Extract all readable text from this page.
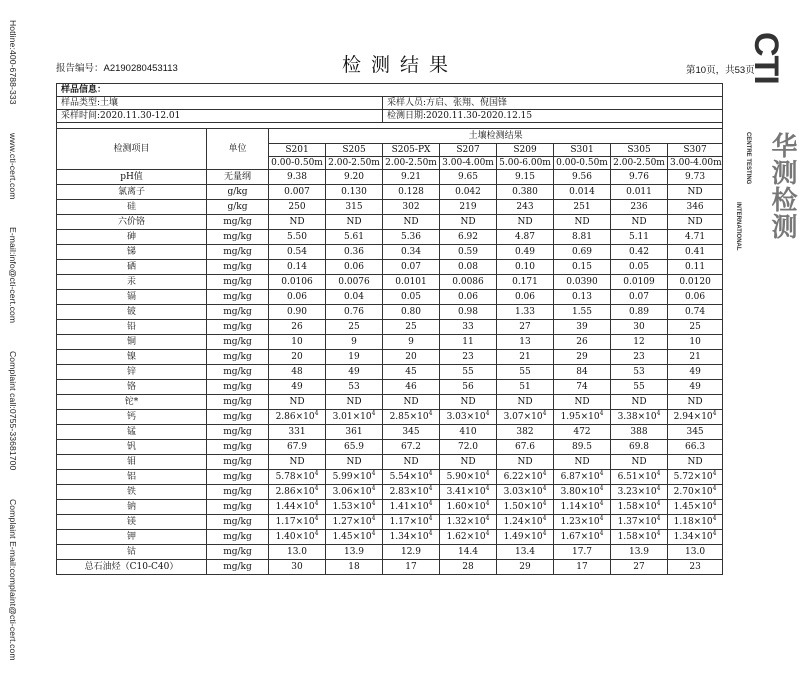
Hotline:400-6788-333www.cti-cert.comE-mail:info@cti-cert.comComplaint call:0755-33681700Complaint E-mail:complaint@cti-cert.com
报告编号：A2190280453113	检测结果	第10页，共53页
CTI
CENTRE TESTING
INTERNATIONAL 华测检测
样品信息：									
样品类型:土壤				采样人员:方启、张翔、倪国锋					
采样时间:2020.11.30-12.01				检测日期:2020.11.30-2020.12.15					

检测项目	单位	土壤检测结果							
		S201	S205	S205-PX	S207	S209	S301	S305	S307
		0.00-0.50m	2.00-2.50m	2.00-2.50m	3.00-4.00m	5.00-6.00m	0.00-0.50m	2.00-2.50m	3.00-4.00m
pH值	无量纲	9.38	9.20	9.21	9.65	9.15	9.56	9.76	9.73
氯离子	g/kg	0.007	0.130	0.128	0.042	0.380	0.014	0.011	ND
硅	g/kg	250	315	302	219	243	251	236	346
六价铬	mg/kg	ND	ND	ND	ND	ND	ND	ND	ND
砷	mg/kg	5.50	5.61	5.36	6.92	4.87	8.81	5.11	4.71
锑	mg/kg	0.54	0.36	0.34	0.59	0.49	0.69	0.42	0.41
硒	mg/kg	0.14	0.06	0.07	0.08	0.10	0.15	0.05	0.11
汞	mg/kg	0.0106	0.0076	0.0101	0.0086	0.171	0.0390	0.0109	0.0120
镉	mg/kg	0.06	0.04	0.05	0.06	0.06	0.13	0.07	0.06
铍	mg/kg	0.90	0.76	0.80	0.98	1.33	1.55	0.89	0.74
铅	mg/kg	26	25	25	33	27	39	30	25
铜	mg/kg	10	9	9	11	13	26	12	10
镍	mg/kg	20	19	20	23	21	29	23	21
锌	mg/kg	48	49	45	55	55	84	53	49
铬	mg/kg	49	53	46	56	51	74	55	49
铊*	mg/kg	ND	ND	ND	ND	ND	ND	ND	ND
钙	mg/kg	$2.86\times 10^4$	$3.01\times 10^4$	$2.85\times 10^4$	$3.03\times 10^4$	$3.07\times 10^4$	$1.95\times 10^4$	$3.38\times 10^4$	$2.94\times 10^4$
锰	mg/kg	331	361	345	410	382	472	388	345
钒	mg/kg	67.9	65.9	67.2	72.0	67.6	89.5	69.8	66.3
钼	mg/kg	ND	ND	ND	ND	ND	ND	ND	ND
铝	mg/kg	$5.78\times 10^4$	$5.99\times 10^4$	$5.54\times 10^4$	$5.90\times 10^4$	$6.22\times 10^4$	$6.87\times 10^4$	$6.51\times 10^4$	$5.72\times 10^4$
铁	mg/kg	$2.86\times 10^4$	$3.06\times 10^4$	$2.83\times 10^4$	$3.41\times 10^4$	$3.03\times 10^4$	$3.80\times 10^4$	$3.23\times 10^4$	$2.70\times 10^4$
钠	mg/kg	$1.44\times 10^4$	$1.53\times 10^4$	$1.41\times 10^4$	$1.60\times 10^4$	$1.50\times 10^4$	$1.14\times 10^4$	$1.58\times 10^4$	$1.45\times 10^4$
镁	mg/kg	$1.17\times 10^4$	$1.27\times 10^4$	$1.17\times 10^4$	$1.32\times 10^4$	$1.24\times 10^4$	$1.23\times 10^4$	$1.37\times 10^4$	$1.18\times 10^4$
钾	mg/kg	$1.40\times 10^4$	$1.45\times 10^4$	$1.34\times 10^4$	$1.62\times 10^4$	$1.49\times 10^4$	$1.67\times 10^4$	$1.58\times 10^4$	$1.34\times 10^4$
钴	mg/kg	13.0	13.9	12.9	14.4	13.4	17.7	13.9	13.0
总石油烃（C10-C40）	mg/kg	30	18	17	28	29	17	27	23
